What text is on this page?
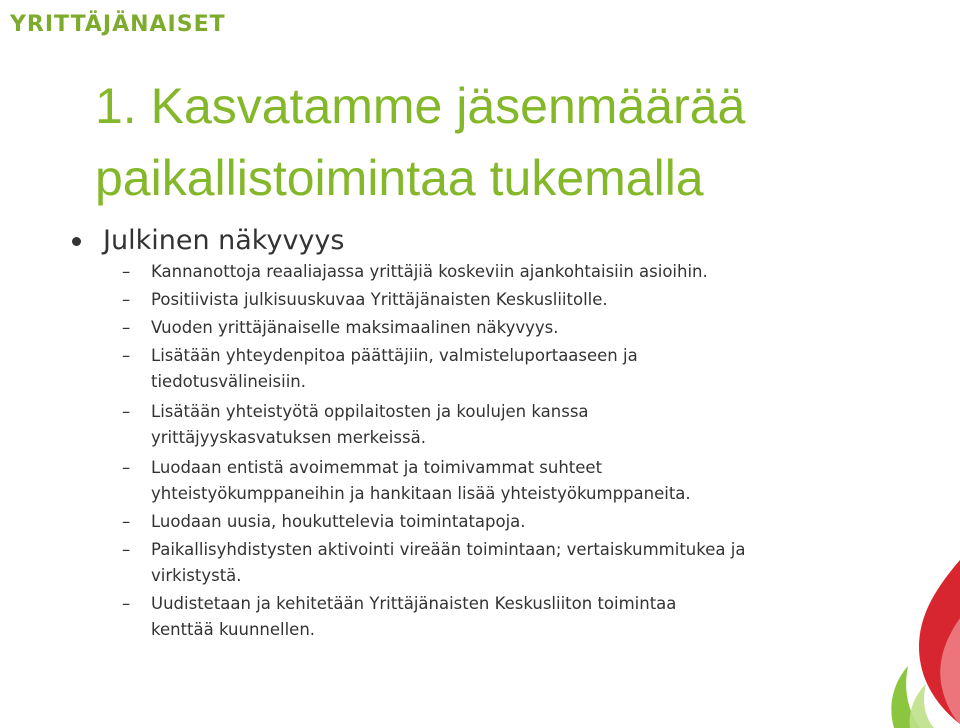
YRITTÄJÄNAISET
1. Kasvatamme jäsenmäärää paikallistoimintaa tukemalla
Julkinen näkyvyys
–	Kannanottoja reaaliajassa yrittäjiä koskeviin ajankohtaisiin asioihin.
–	Positiivista julkisuuskuvaa Yrittäjänaisten Keskusliitolle.
–	Vuoden yrittäjänaiselle maksimaalinen näkyvyys.
–	Lisätään yhteydenpitoa päättäjiin, valmisteluportaaseen ja
tiedotusvälineisiin.
–	Lisätään yhteistyötä oppilaitosten ja koulujen kanssa
yrittäjyyskasvatuksen merkeissä.
–	Luodaan entistä avoimemmat ja toimivammat suhteet
yhteistyökumppaneihin ja hankitaan lisää yhteistyökumppaneita.
–	Luodaan uusia, houkuttelevia toimintatapoja.
–	Paikallisyhdistysten aktivointi vireään toimintaan; vertaiskummitukea ja
virkistystä.
–	Uudistetaan ja kehitetään Yrittäjänaisten Keskusliiton toimintaa
kenttää kuunnellen.
